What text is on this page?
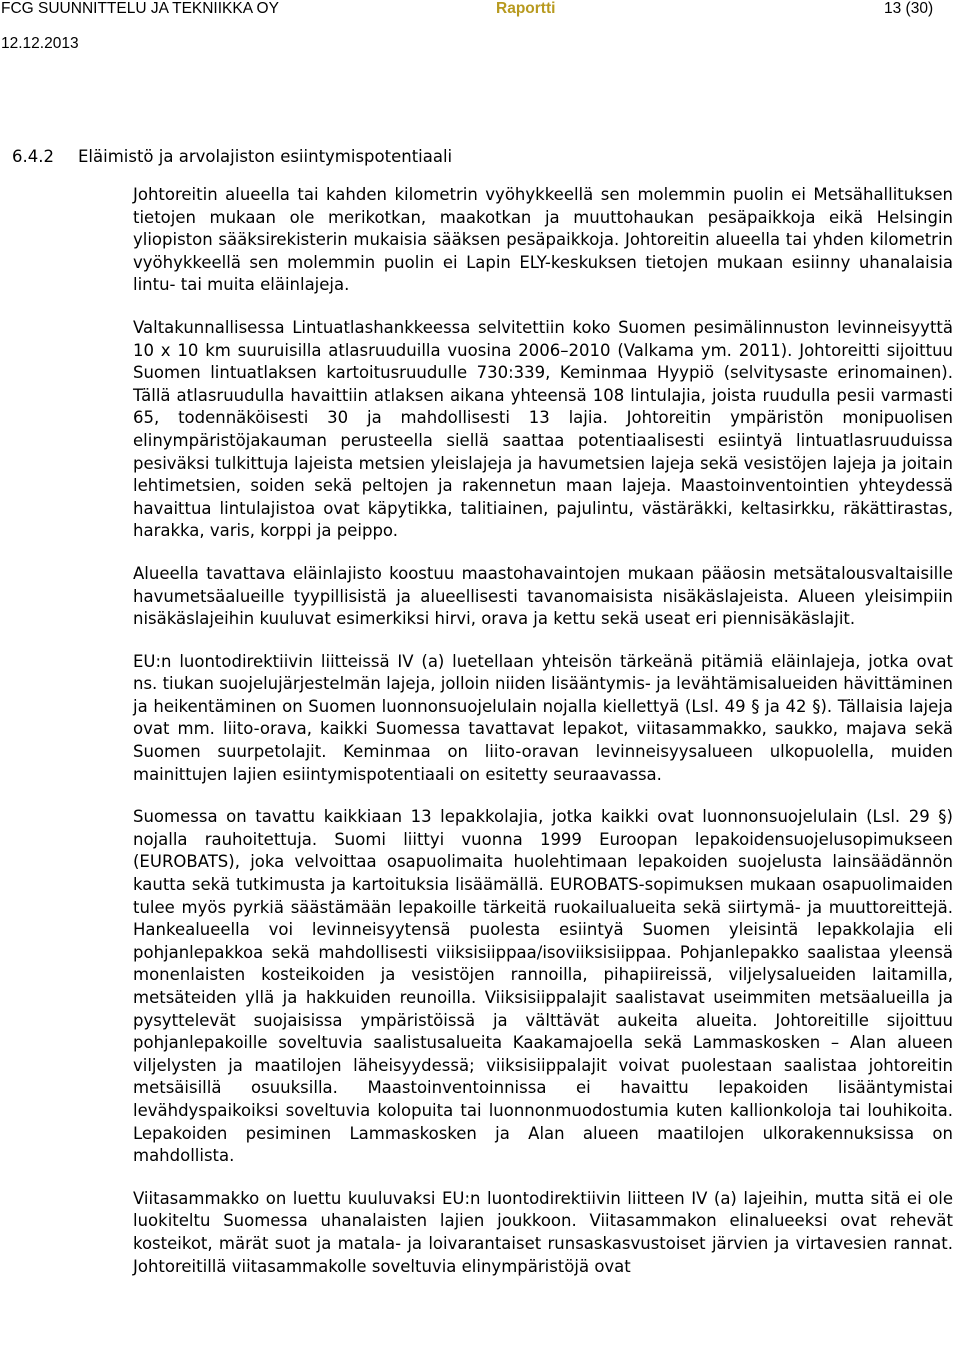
FCG SUUNNITTELU JA TEKNIIKKA OY	Raportti	13 (30)
12.12.2013
6.4.2 Eläimistö ja arvolajiston esiintymispotentiaali

Johtoreitin alueella tai kahden kilometrin vyöhykkeellä sen molemmin puolin ei Metsähallituksen tietojen mukaan ole merikotkan, maakotkan ja muuttohaukan pesäpaikkoja eikä Helsingin yliopiston sääksirekisterin mukaisia sääksen pesäpaikkoja. Johtoreitin alueella tai yhden kilometrin vyöhykkeellä sen molemmin puolin ei Lapin ELY-keskuksen tietojen mukaan esiinny uhanalaisia lintu- tai muita eläinlajeja.

Valtakunnallisessa Lintuatlashankkeessa selvitettiin koko Suomen pesimälinnuston levinneisyyttä 10 x 10 km suuruisilla atlasruuduilla vuosina 2006–2010 (Valkama ym. 2011). Johtoreitti sijoittuu Suomen lintuatlaksen kartoitusruudulle 730:339, Keminmaa Hyypiö (selvitysaste erinomainen). Tällä atlasruudulla havaittiin atlaksen aikana yhteensä 108 lintulajia, joista ruudulla pesii varmasti 65, todennäköisesti 30 ja mahdollisesti 13 lajia. Johtoreitin ympäristön monipuolisen elinympäristöjakauman perusteella siellä saattaa potentiaalisesti esiintyä lintuatlasruuduissa pesiväksi tulkittuja lajeista metsien yleislajeja ja havumetsien lajeja sekä vesistöjen lajeja ja joitain lehtimetsien, soiden sekä peltojen ja rakennetun maan lajeja. Maastoinventointien yhteydessä havaittua lintulajistoa ovat käpytikka, talitiainen, pajulintu, västäräkki, keltasirkku, räkättirastas, harakka, varis, korppi ja peippo.

Alueella tavattava eläinlajisto koostuu maastohavaintojen mukaan pääosin metsätalousvaltaisille havumetsäalueille tyypillisistä ja alueellisesti tavanomaisista nisäkäslajeista. Alueen yleisimpiin nisäkäslajeihin kuuluvat esimerkiksi hirvi, orava ja kettu sekä useat eri piennisäkäslajit.

EU:n luontodirektiivin liitteissä IV (a) luetellaan yhteisön tärkeänä pitämiä eläinlajeja, jotka ovat ns. tiukan suojelujärjestelmän lajeja, jolloin niiden lisääntymis- ja levähtämisalueiden hävittäminen ja heikentäminen on Suomen luonnonsuojelulain nojalla kiellettyä (Lsl. 49 § ja 42 §). Tällaisia lajeja ovat mm. liito-orava, kaikki Suomessa tavattavat lepakot, viitasammakko, saukko, majava sekä Suomen suurpetolajit. Keminmaa on liito-oravan levinneisyysalueen ulkopuolella, muiden mainittujen lajien esiintymispotentiaali on esitetty seuraavassa.

Suomessa on tavattu kaikkiaan 13 lepakkolajia, jotka kaikki ovat luonnonsuojelulain (Lsl. 29 §) nojalla rauhoitettuja. Suomi liittyi vuonna 1999 Euroopan lepakoidensuojelusopimukseen (EUROBATS), joka velvoittaa osapuolimaita huolehtimaan lepakoiden suojelusta lainsäädännön kautta sekä tutkimusta ja kartoituksia lisäämällä. EUROBATS-sopimuksen mukaan osapuolimaiden tulee myös pyrkiä säästämään lepakoille tärkeitä ruokailualueita sekä siirtymä- ja muuttoreittejä. Hankealueella voi levinneisyytensä puolesta esiintyä Suomen yleisintä lepakkolajia eli pohjanlepakkoa sekä mahdollisesti viiksisiippaa/isoviiksisiippaa. Pohjanlepakko saalistaa yleensä monenlaisten kosteikoiden ja vesistöjen rannoilla, pihapiireissä, viljelysalueiden laitamilla, metsäteiden yllä ja hakkuiden reunoilla. Viiksisiippalajit saalistavat useimmiten metsäalueilla ja pysyttelevät suojaisissa ympäristöissä ja välttävät aukeita alueita. Johtoreitille sijoittuu pohjanlepakoille soveltuvia saalistusalueita Kaakamajoella sekä Lammaskosken – Alan alueen viljelysten ja maatilojen läheisyydessä; viiksisiippalajit voivat puolestaan saalistaa johtoreitin metsäisillä osuuksilla. Maastoinventoinnissa ei havaittu lepakoiden lisääntymistai levähdyspaikoiksi soveltuvia kolopuita tai luonnonmuodostumia kuten kallionkoloja tai louhikoita. Lepakoiden pesiminen Lammaskosken ja Alan alueen maatilojen ulkorakennuksissa on mahdollista.

Viitasammakko on luettu kuuluvaksi EU:n luontodirektiivin liitteen IV (a) lajeihin, mutta sitä ei ole luokiteltu Suomessa uhanalaisten lajien joukkoon. Viitasammakon elinalueeksi ovat rehevät kosteikot, märät suot ja matala- ja loivarantaiset runsaskasvustoiset järvien ja virtavesien rannat. Johtoreitillä viitasammakolle soveltuvia elinympäristöjä ovat
